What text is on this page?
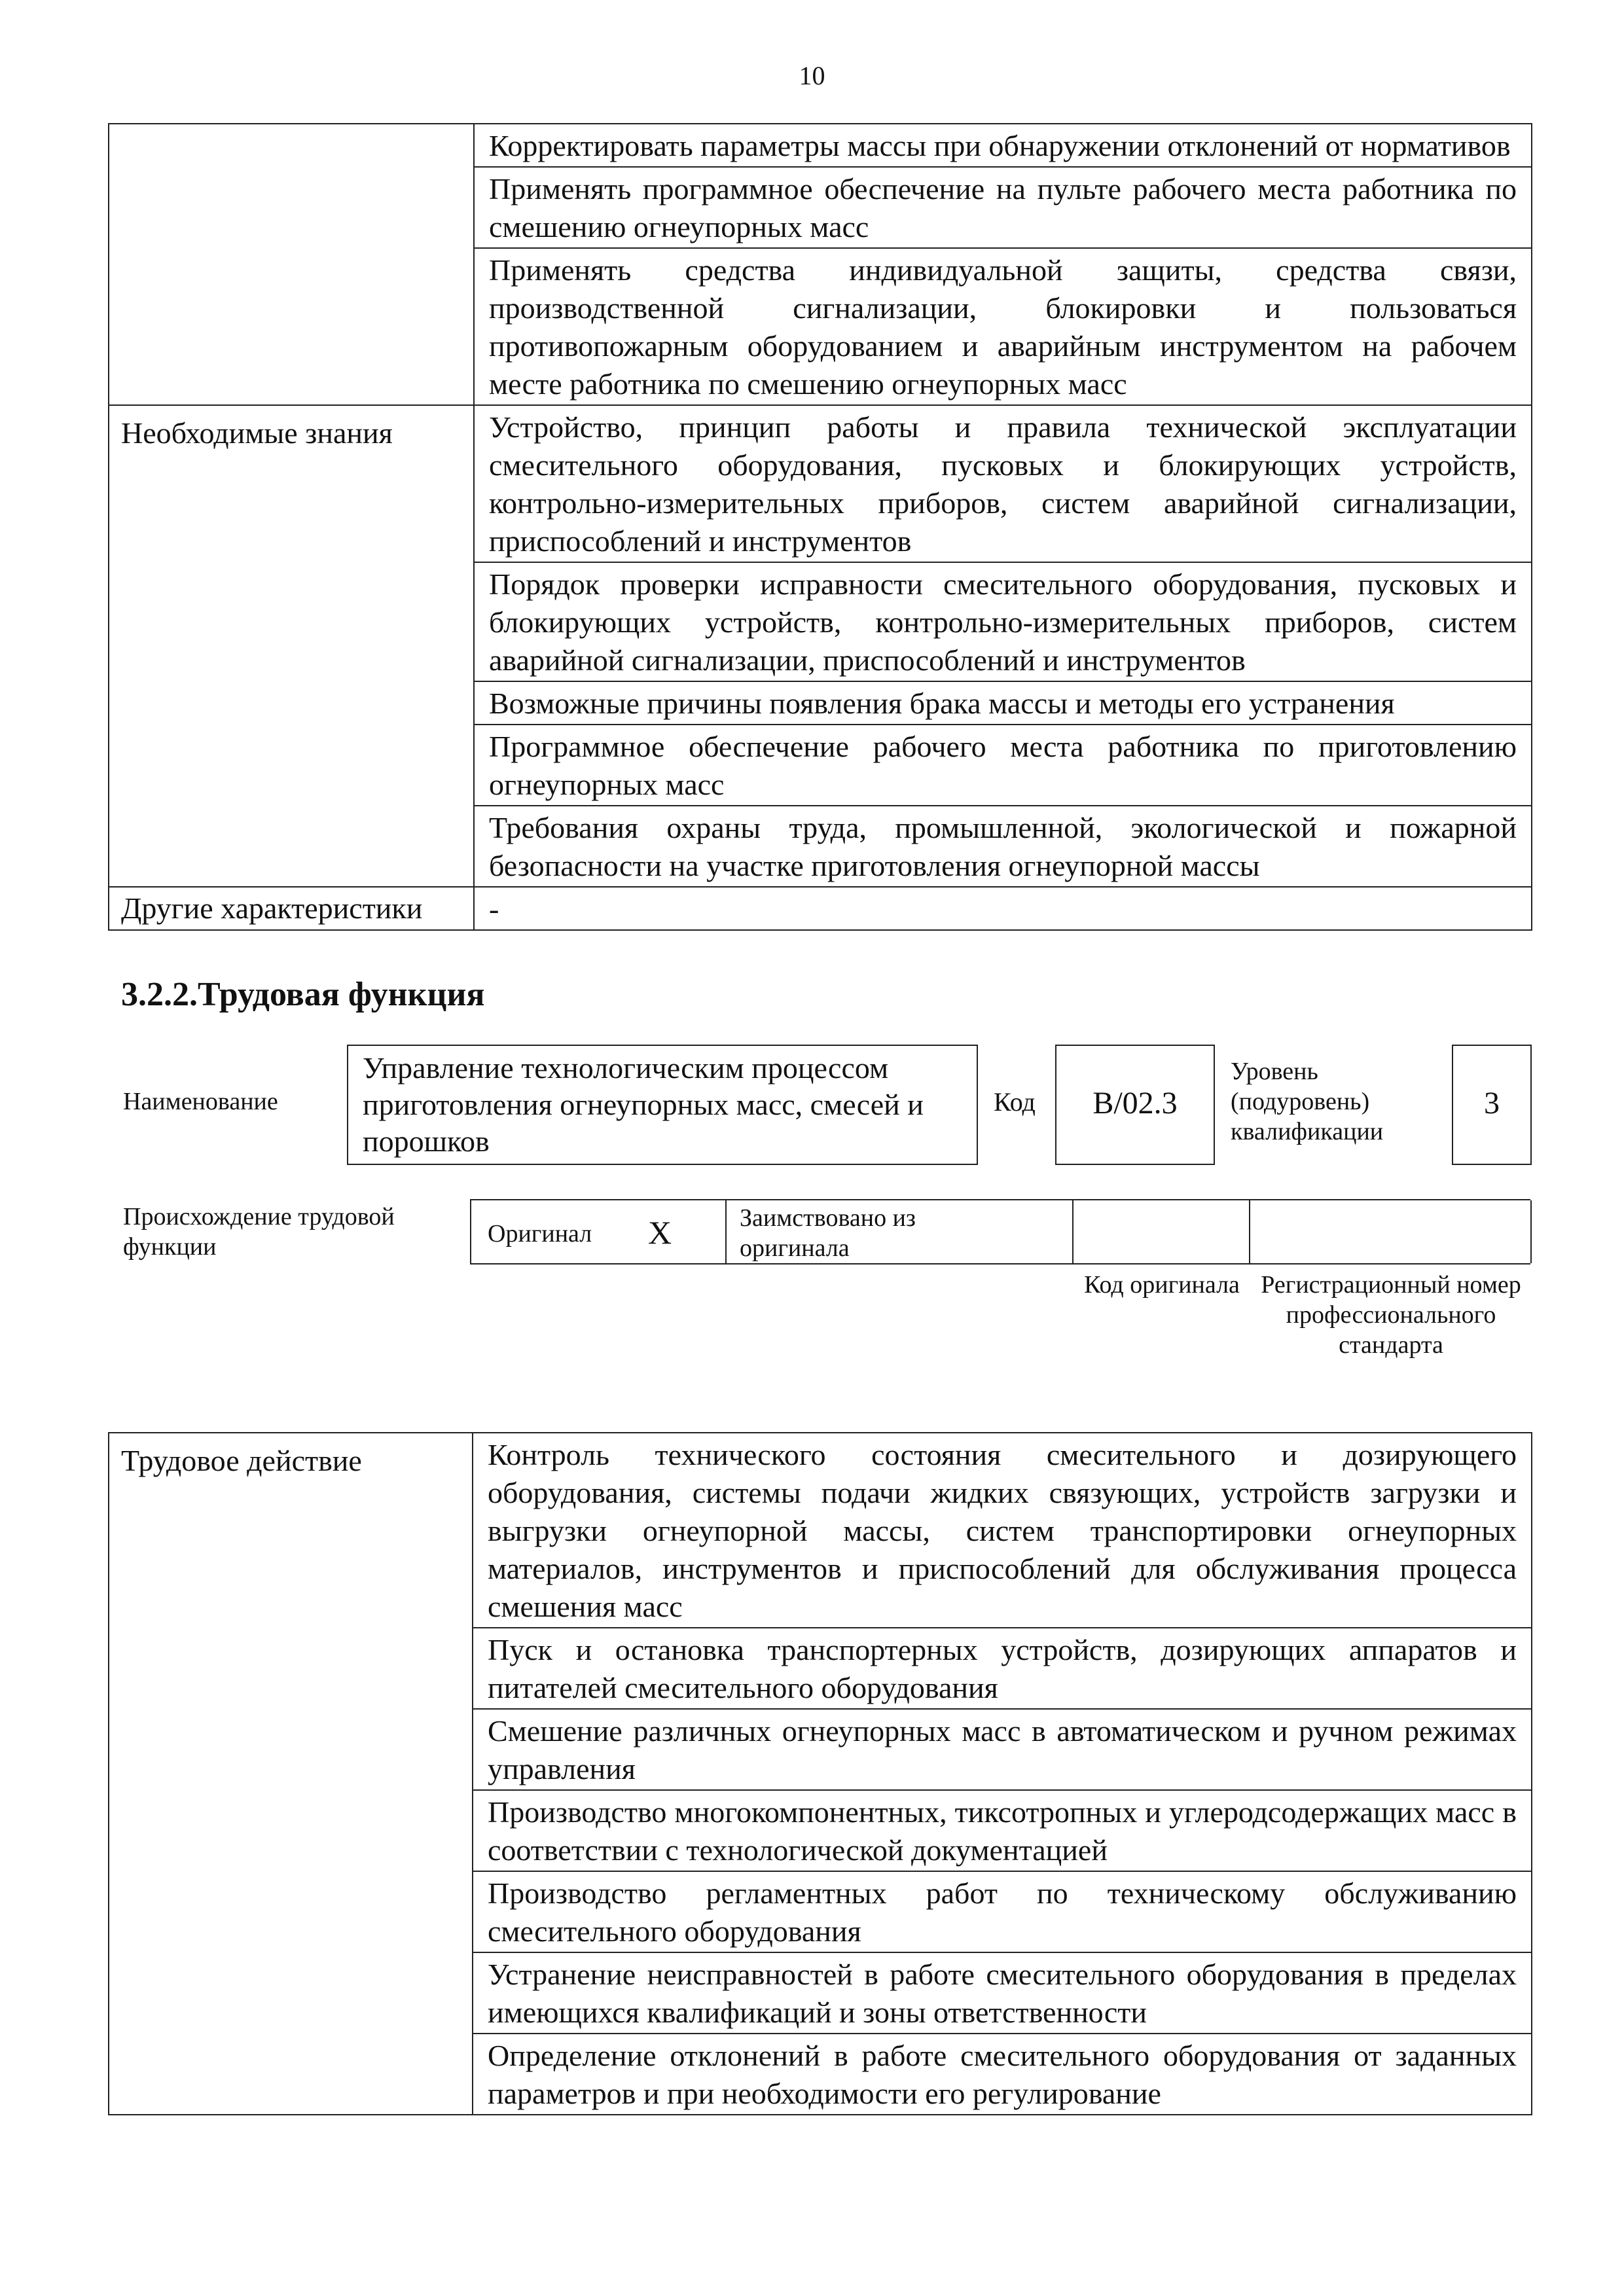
10
	Корректировать параметры массы при обнаружении отклонений от нормативов
	Применять программное обеспечение на пульте рабочего места работника по смешению огнеупорных масс
	Применять средства индивидуальной защиты, средства связи, производственной сигнализации, блокировки и пользоваться противопожарным оборудованием и аварийным инструментом на рабочем месте работника по смешению огнеупорных масс
Необходимые знания	Устройство, принцип работы и правила технической эксплуатации смесительного оборудования, пусковых и блокирующих устройств, контрольно-измерительных приборов, систем аварийной сигнализации, приспособлений и инструментов
	Порядок проверки исправности смесительного оборудования, пусковых и блокирующих устройств, контрольно-измерительных приборов, систем аварийной сигнализации, приспособлений и инструментов
	Возможные причины появления брака массы и методы его устранения
	Программное обеспечение рабочего места работника по приготовлению огнеупорных масс
	Требования охраны труда, промышленной, экологической и пожарной безопасности на участке приготовления огнеупорной массы
Другие характеристики	-
3.2.2.Трудовая функция
Наименование
Управление технологическим процессом приготовления огнеупорных масс, смесей и порошков
Код	В/02.3
Уровень (подуровень) квалификации
3
Происхождение трудовой функции	Оригинал X	Заимствовано из оригинала
Код оригинала Регистрационный номер профессионального стандарта
Трудовое действие	Контроль технического состояния смесительного и дозирующего оборудования, системы подачи жидких связующих, устройств загрузки и выгрузки огнеупорной массы, систем транспортировки огнеупорных материалов, инструментов и приспособлений для обслуживания процесса смешения масс
Пуск и остановка транспортерных устройств, дозирующих аппаратов и питателей смесительного оборудования
Смешение различных огнеупорных масс в автоматическом и ручном режимах управления
Производство многокомпонентных, тиксотропных и углеродсодержащих масс в соответствии с технологической документацией
Производство регламентных работ по техническому обслуживанию смесительного оборудования
Устранение неисправностей в работе смесительного оборудования в пределах имеющихся квалификаций и зоны ответственности
Определение отклонений в работе смесительного оборудования от заданных параметров и при необходимости его регулирование
